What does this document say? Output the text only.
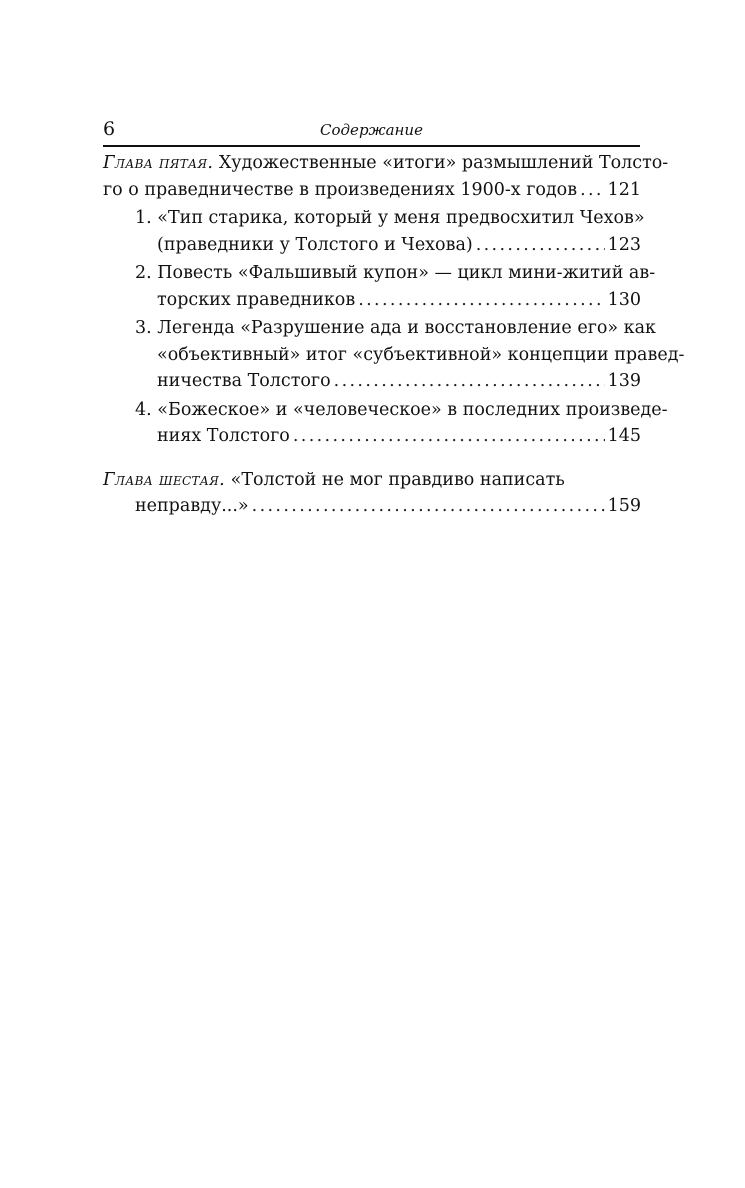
6	Содержание
Глава пятая. Художественные «итоги» размышлений Толсто-
го о праведничестве в произведениях 1900-х годов . . . 121
1. «Тип старика, который у меня предвосхитил Чехов»
(праведники у Толстого и Чехова) . . .	123
2. Повесть «Фальшивый купон» — цикл мини-житий ав-
торских праведников . . .	130
3. Легенда «Разрушение ада и восстановление его» как
«объективный» итог «субъективной» концепции правед-
ничества Толстого . . .	139
4. «Божеское» и «человеческое» в последних произведе-
ниях Толстого . . .	145
Глава шестая. «Толстой не мог правдиво написать
неправду...» . . .	159
